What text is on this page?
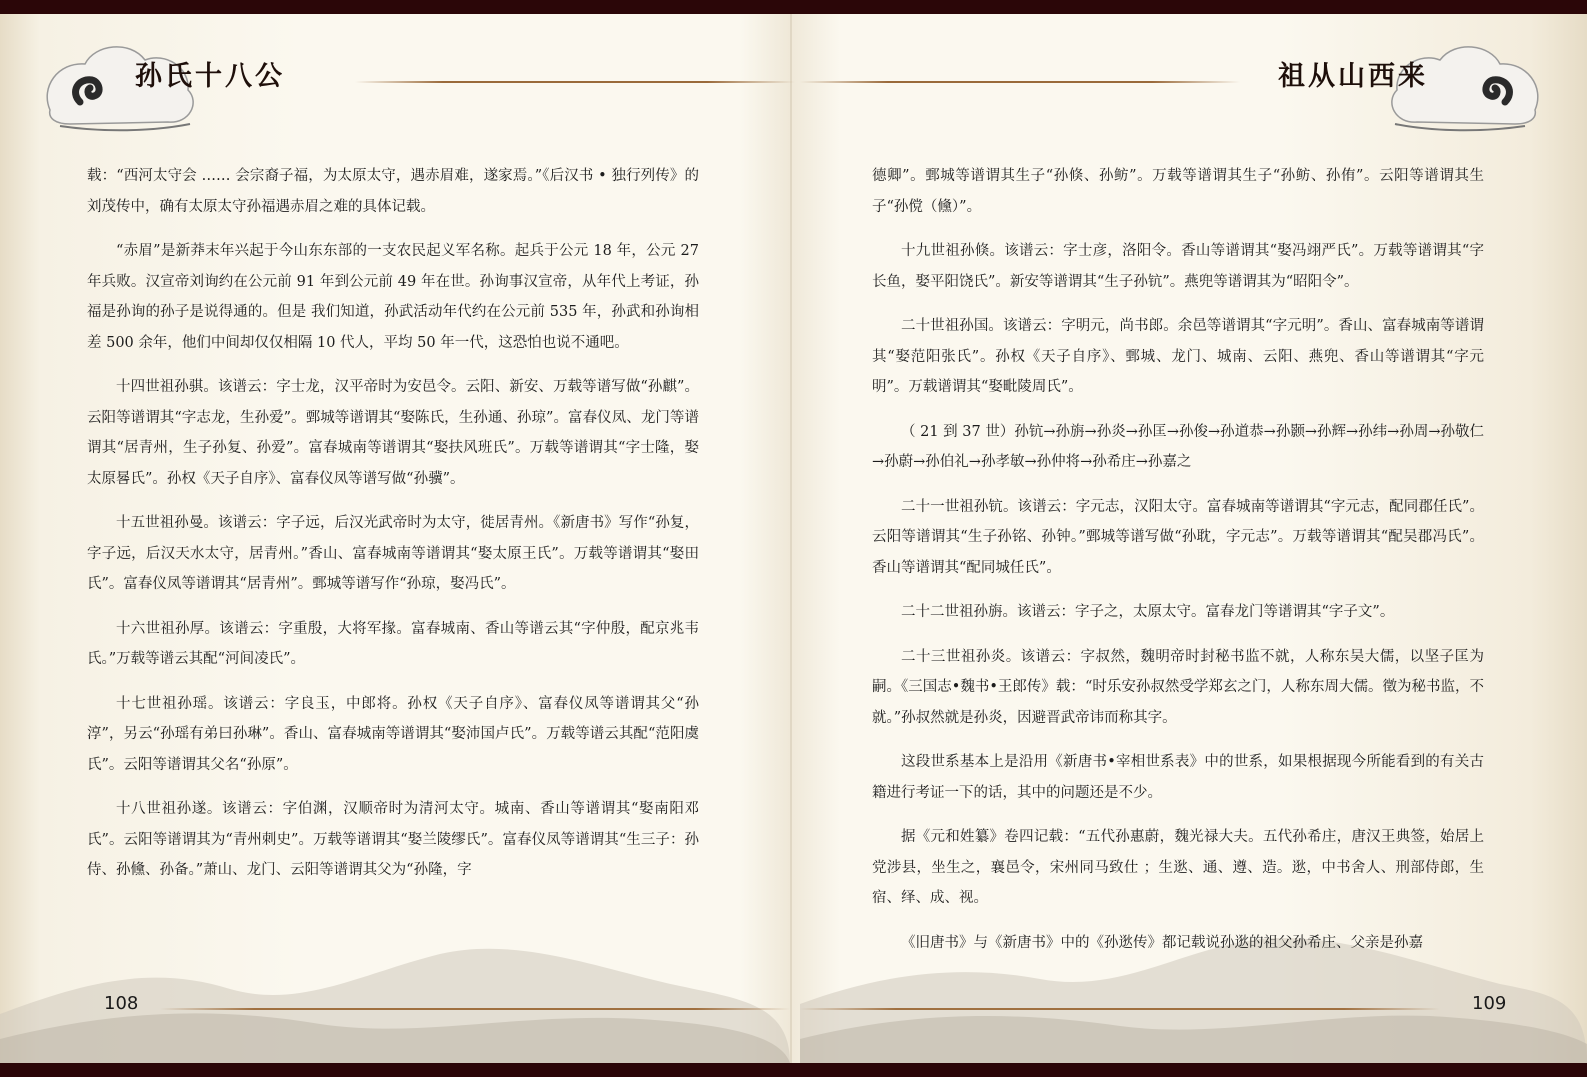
孙氏十八公	祖从山西来

载：“西河太守会 …… 会宗裔子福，为太原太守，遇赤眉难，遂家焉。”《后汉书 • 独行列传》的刘茂传中，确有太原太守孙福遇赤眉之难的具体记载。

“赤眉”是新莽末年兴起于今山东东部的一支农民起义军名称。起兵于公元 18 年，公元 27 年兵败。汉宣帝刘询约在公元前 91 年到公元前 49 年在世。孙询事汉宣帝，从年代上考证，孙福是孙询的孙子是说得通的。但是 我们知道，孙武活动年代约在公元前 535 年，孙武和孙询相差 500 余年，他们中间却仅仅相隔 10 代人，平均 50 年一代，这恐怕也说不通吧。

十四世祖孙骐。该谱云：字士龙，汉平帝时为安邑令。云阳、新安、万载等谱写做“孙麒”。云阳等谱谓其“字志龙，生孙爱”。鄄城等谱谓其“娶陈氏，生孙通、孙琼”。富春仪凤、龙门等谱谓其“居青州，生子孙复、孙爱”。富春城南等谱谓其“娶扶风班氏”。万载等谱谓其“字士隆，娶太原晷氏”。孙权《天子自序》、富春仪凤等谱写做“孙骥”。

十五世祖孙曼。该谱云：字子远，后汉光武帝时为太守，徙居青州。《新唐书》写作“孙复，字子远，后汉天水太守，居青州。”香山、富春城南等谱谓其“娶太原王氏”。万载等谱谓其“娶田氏”。富春仪凤等谱谓其“居青州”。鄄城等谱写作“孙琼，娶冯氏”。

十六世祖孙厚。该谱云：字重殷，大将军掾。富春城南、香山等谱云其“字仲殷，配京兆韦氏。”万载等谱云其配“河间凌氏”。

十七世祖孙瑶。该谱云：字良玉，中郎将。孙权《天子自序》、富春仪凤等谱谓其父“孙淳”，另云“孙瑶有弟曰孙琳”。香山、富春城南等谱谓其“娶沛国卢氏”。万载等谱云其配“范阳虞氏”。云阳等谱谓其父名“孙原”。

十八世祖孙遂。该谱云：字伯渊，汉顺帝时为清河太守。城南、香山等谱谓其“娶南阳邓氏”。云阳等谱谓其为“青州刺史”。万载等谱谓其“娶兰陵缪氏”。富春仪凤等谱谓其“生三子：孙侍、孙儵、孙备。”萧山、龙门、云阳等谱谓其父为“孙隆，字

德卿”。鄄城等谱谓其生子“孙倏、孙鲂”。万载等谱谓其生子“孙鲂、孙侑”。云阳等谱谓其生子“孙傥（儵）”。

十九世祖孙倏。该谱云：字士彦，洛阳令。香山等谱谓其“娶冯翊严氏”。万载等谱谓其“字长鱼，娶平阳饶氏”。新安等谱谓其“生子孙钪”。燕兜等谱谓其为“昭阳令”。

二十世祖孙国。该谱云：字明元，尚书郎。余邑等谱谓其“字元明”。香山、富春城南等谱谓其“娶范阳张氏”。孙权《天子自序》、鄄城、龙门、城南、云阳、燕兜、香山等谱谓其“字元明”。万载谱谓其“娶毗陵周氏”。

（ 21 到 37 世）孙钪→孙旃→孙炎→孙匡→孙俊→孙道恭→孙颢→孙辉→孙纬→孙周→孙敬仁→孙蔚→孙伯礼→孙孝敏→孙仲将→孙希庄→孙嘉之

二十一世祖孙钪。该谱云：字元志，汉阳太守。富春城南等谱谓其“字元志，配同郡任氏”。云阳等谱谓其“生子孙铭、孙钟。”鄄城等谱写做“孙耽，字元志”。万载等谱谓其“配吴郡冯氏”。香山等谱谓其“配同城任氏”。

二十二世祖孙旃。该谱云：字子之，太原太守。富春龙门等谱谓其“字子文”。

二十三世祖孙炎。该谱云：字叔然，魏明帝时封秘书监不就，人称东吴大儒，以坚子匡为嗣。《三国志•魏书•王郎传》载：“时乐安孙叔然受学郑玄之门，人称东周大儒。徵为秘书监，不就。”孙叔然就是孙炎，因避晋武帝讳而称其字。

这段世系基本上是沿用《新唐书•宰相世系表》中的世系，如果根据现今所能看到的有关古籍进行考证一下的话，其中的问题还是不少。

据《元和姓纂》卷四记载：“五代孙惠蔚，魏光禄大夫。五代孙希庄，唐汉王典签，始居上党涉县，坐生之，襄邑令，宋州同马致仕 ；生逖、通、遵、造。逖，中书舍人、刑部侍郎，生宿、绎、成、视。

《旧唐书》与《新唐书》中的《孙逖传》都记载说孙逖的祖父孙希庄、父亲是孙嘉

108	109
